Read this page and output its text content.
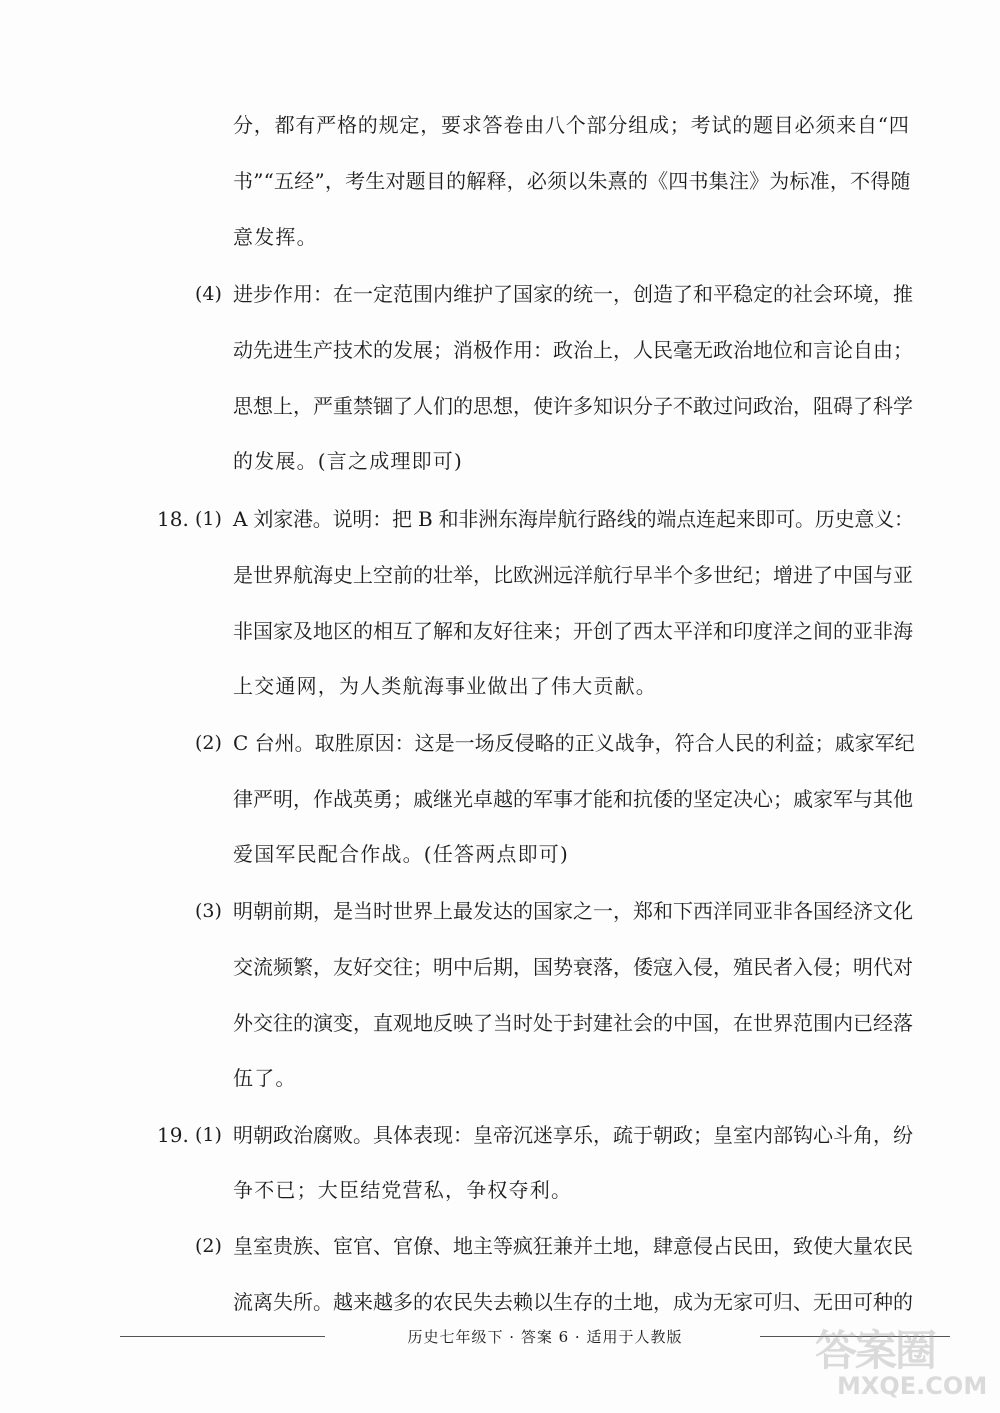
分，都有严格的规定，要求答卷由八个部分组成；考试的题目必须来自“四
书”“五经”，考生对题目的解释，必须以朱熹的《四书集注》为标准，不得随
意发挥。
(4) 进步作用：在一定范围内维护了国家的统一，创造了和平稳定的社会环境，推
动先进生产技术的发展；消极作用：政治上，人民毫无政治地位和言论自由；
思想上，严重禁锢了人们的思想，使许多知识分子不敢过问政治，阻碍了科学
的发展。(言之成理即可)
18. (1) A 刘家港。说明：把 B 和非洲东海岸航行路线的端点连起来即可。历史意义：
是世界航海史上空前的壮举，比欧洲远洋航行早半个多世纪；增进了中国与亚
非国家及地区的相互了解和友好往来；开创了西太平洋和印度洋之间的亚非海
上交通网，为人类航海事业做出了伟大贡献。
(2) C 台州。取胜原因：这是一场反侵略的正义战争，符合人民的利益；戚家军纪
律严明，作战英勇；戚继光卓越的军事才能和抗倭的坚定决心；戚家军与其他
爱国军民配合作战。(任答两点即可)
(3) 明朝前期，是当时世界上最发达的国家之一，郑和下西洋同亚非各国经济文化
交流频繁，友好交往；明中后期，国势衰落，倭寇入侵，殖民者入侵；明代对
外交往的演变，直观地反映了当时处于封建社会的中国，在世界范围内已经落
伍了。
19. (1) 明朝政治腐败。具体表现：皇帝沉迷享乐，疏于朝政；皇室内部钩心斗角，纷
争不已；大臣结党营私，争权夺利。
(2) 皇室贵族、宦官、官僚、地主等疯狂兼并土地，肆意侵占民田，致使大量农民
流离失所。越来越多的农民失去赖以生存的土地，成为无家可归、无田可种的
历史七年级下 · 答案 6 · 适用于人教版	答案圈
MXQE.COM
